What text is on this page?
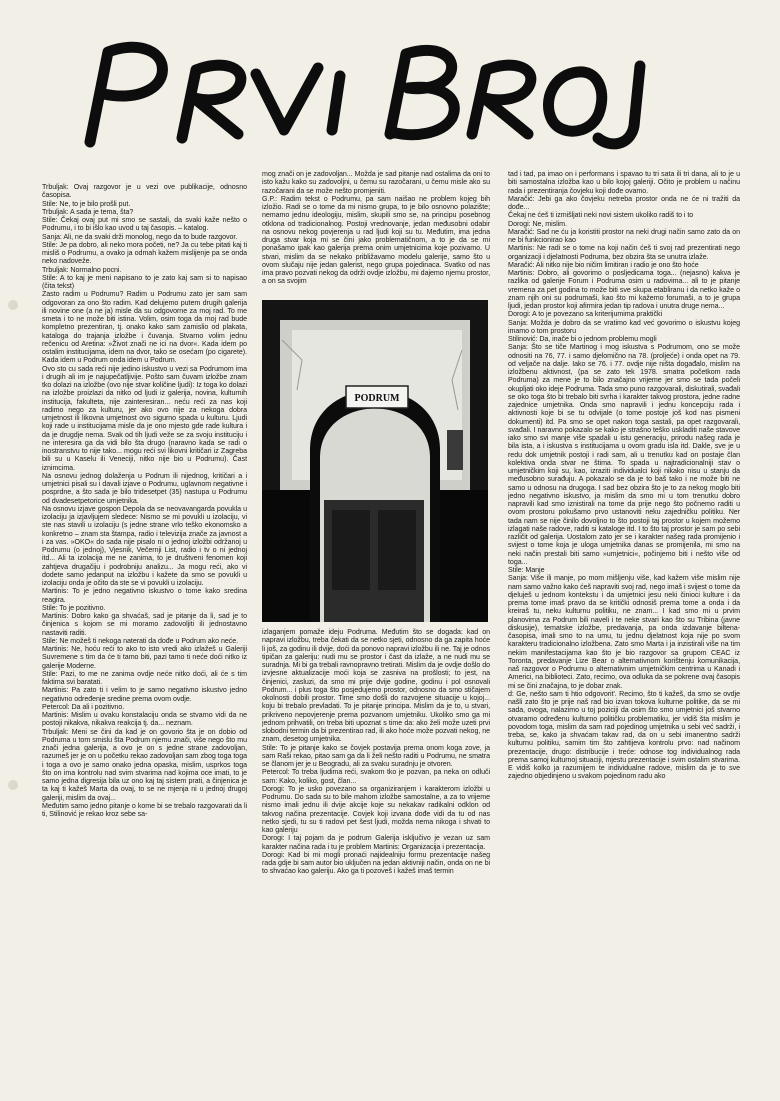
Trbuljak: Ovaj razgovor je u vezi ove publikacije, odnosno časopisa.
Stile: Ne, to je bilo prošli put.
Trbuljak: A sada je tema, šta?
Stile: Čekaj ovaj put mi smo se sastali, da svaki kaže nešto o Podrumu, i to bi išlo kao uvod u taj časopis. – katalog.
Sanja: Ali, ne da svaki drži monolog, nego da to bude razgovor.
Stile: Je pa dobro, ali neko mora početi, ne? Ja cu tebe pitati kaj ti misliš o Podrumu, a ovako ja odmah kažem mislijenje pa se onda neko nadoveže.
Trbuljak: Normalno pocni.
Stile: A to kaj je meni napisano to je zato kaj sam si to napisao (čita tekst)
Zasto radim u Podrumu? Radim u Podrumu zato jer sam sam odgovoran za ono što radim. Kad delujemo putem drugih galerija ili novine one (a ne ja) misle da su odgovorne za moj rad. To me smeta i to ne može biti istina. Volim, osim toga da moj rad bude kompletno prezentiran, tj. onako kako sam zamislio od plakata, kataloga do trajanja izložbe i čuvanja. Stvarno volim jednu rečenicu od Aretina: »Život znači ne ici na dvor«. Kada idem po ostalim institucijama, idem na dvor, tako se osećam (po cigarete). Kada idem u Podrum onda idem u Podrum.
Ovo sto cu sada reći nije jedino iskustvo u vezi sa Podrumom ima i drugih ali im je najupečatljivije. Pošto sam čuvam izložbe znam tko dolazi na izložbe (ovo nije stvar količine ljudi): Iz toga ko dolazi na izložbe proizlazi da nitko od ljudi iz galerija, novina, kulturnih institucija, fakulteta, nije zainteresiran... neću reći za nas koji radimo nego za kulturu, jer ako ovo nije za nekoga dobra umjetnost ili likovna umjetnost ovo sigurno spada u kulturu. Ljudi koji rade u institucijama misle da je ono mjesto gde rade kultura i da je drugdje nema. Svak od tih ljudi veže se za svoju instituciju i ne interesira ga da vidi bilo šta drugo (naravno kada se radi o inostranstvu to nije tako... mogu reći svi likovni kritičari iz Zagreba bili su u Kaselu ili Veneciji, nitko nije bio u Podrumu). Čast iznimcima.
Na osnovu jednog dolaženja u Podrum ili nijednog, kritičari a i umjetnici pisali su i davali izjave o Podrumu, uglavnom negativne i posprdne, a što sada je bilo tridesetpet (35) nastupa u Podrumu od dvadesetpetorice umjetnika.
Na osnovu izjave gospon Depola da se neovavangarda povukla u izolaciju ja izjavljujem sledece: Nismo se mi povukli u izolaciju, vi ste nas stavili u izolaciju (s jedne strane vrlo teško ekonomsko a konkretno – znam sta štampa, radio i televizija znače za javnost a i za vas. »OKO« do sada nije pisalo ni o jednoj izložbi održanoj u Podrumu (o jednoj), Vjesnik, Večernji List, radio i tv o ni jednoj itd... Ali ta izolacija me ne zanima, to je društveni fenomen koji zahtjeva drugačiju i podrobniju analizu... Ja mogu reći, ako vi dodete samo jedanput na izložbu i kažete da smo se povukli u izolaciju onda je očito da ste se vi povukli u izolaciju.
Martinis: To je jedno negativno iskustvo o tome kako sredina reagira.
Stile: To je pozitivno.
Martinis: Dobro kako ga shvaćaš, sad je pitanje da li, sad je to činjenica s kojom se mi moramo zadovoljiti ili jednostavno nastaviti raditi.
Stile: Ne možeš ti nekoga naterati da dođe u Podrum ako neće.
Martinis: Ne, hoću reći to ako to isto vredi ako izlažeš u Galeriji Suvremene s tim da će ti tamo biti, pazi tamo ti neće doći nitko iz galerije Moderne.
Stile: Pazi, to me ne zanima ovdje neće nitko doći, ali će s tim faktima svi baratati.
Martinis: Pa zato ti i velim to je samo negativno iskustvo jedno negativno određenje sredine prema ovom ovdje.
Petercol: Da ali i pozitivno.
Martinis: Mislim u ovaku konstalaciju onda se stvarno vidi da ne postoji nikakva, nikakva reakcija tj. da... neznam.
Trbuljak: Meni se čini da kad je on govorio šta je on dobio od Podruma u tom smislu šta Podrum njemu znači, više nego što mu znači jedna galerija, a ovo je on s jedne strane zadovoljan, razumeš jer je on u početku rekao zadovoljan sam zbog toga toga i toga a ovo je samo onako jedna opaska, mislim, usprkos toga što on ima kontrolu nad svim stvarima nad kojima oce imati, to je samo jedna digresija bila uz ono kaj taj sistem prati, a činjenica je ta kaj ti kažeš Marta da ovaj, to se ne mjenja ni u jednoj drugoj galeriji, mislim da ovaj...
Međutim samo jedno pitanje o kome bi se trebalo razgovarati da li ti, Stilinović je rekao kroz sebe sa-
mog znači on je zadovoljan... Možda je sad pitanje nad ostalima da oni to isto kažu kako su zadovoljni, u čemu su razočarani, u čemu misle ako su razočarani da se može nešto promjeniti.
G.P.: Radim tekst o Podrumu, pa sam naišao ne problem kojeg bih izložio. Radi se o tome da mi nismo grupa, to je bilo osnovno polazište; nemamo jednu ideologiju, mislim, skupili smo se, na principu posebnog otklona od tradicionalnog. Postoji vrednovanje, jedan međusobni odabir na osnovu nekog povjerenja u rad ljudi koji su tu. Međutim, ima jedna druga stvar koja mi se čini jako problematičnom, a to je da se mi ponašamo ipak kao galerija prema onim umjetnicima koje pozivamo. U stvari, mislim da se nekako približavamo modelu galerije, samo što u ovom slučaju nije jedan galerist, nego grupa pojedinaca. Svatko od nas ima pravo pozvati nekog da održi ovdje izložbu, mi dajemo njemu prostor, a on sa svojim
PODRUM
izlaganjem pomaže ideju Podruma. Međutim što se dogada: kad on napravi izložbu, treba čekati da se netko sjeti, odnosno da ga zapita hoće li još, za godinu ili dvije, doći da ponovo napravi izložbu ili ne. Taj je odnos tipičan za galeriju: nudi mu se prostor i čast da izlaže, a ne nudi mu se suradnja. Mi bi ga trebali ravnopravno tretirati. Mislim da je ovdje došlo do izvjesne aktualizacije moći koja se zasniva na prošlosti; to jest, na činjenici, zasluzi, da smo mi prije dvije godine, godinu i pol osnovali Podrum... i plus toga što posjedujemo prostor, odnosno da smo stičajem okolnosti dobili prostor. Time smo došli do razvojene situacije u kojoj... koju bi trebalo prevladati. To je pitanje principa. Mislim da je to, u stvari, prikriveno nepovjerenje prema pozvanom umjetniku. Ukoliko smo ga mi jednom prihvatili, on treba biti upoznat s time da: ako želi može uzeti prvi slobodni termin da bi prezentirao rad, ili ako hoće može pozvati nekog, ne znam, desetog umjetnika.
Stile: To je pitanje kako se čovjek postavija prema onom koga zove, ja sam Raši rekao, pitao sam ga da li želi nešto raditi u Podrumu, ne smatra se članom jer je u Beogradu, ali za svaku suradnju je otvoren.
Petercol: To treba ljudima reći, svakom tko je pozvan, pa neka on odluči sam: Kako, koliko, gost, član...
Dorogi: To je usko povezano sa organiziranjem i karakterom izložbi u Podrumu. Do sada su to bile mahom izložbe samostalne, a za to vrijeme nismo imali jednu ili dvije akcije koje su nekakav radikalni odklon od takvog načina prezentacije. Covjek koji izvana dođe vidi da tu od nas netko sjedi, tu su ti radovi pet šest ljudi, možda nema nikoga i shvati to kao galeriju
Dorogi: I taj pojam da je podrum Galerija isključivo je vezan uz sam karakter načina rada i tu je problem Martinis: Organizacija i prezentacija.
Dorogi: Kad bi mi mogli pronaći najidealniju formu prezentacije našeg rada gdje bi sam autor bio uključen na jedan aktivniji način, onda on ne bi to shvaćao kao galeriju. Ako ga ti pozoveš i kažeš imaš termin
tad i tad, pa imao on i performans i spavao tu tri sata ili tri dana, ali to je u biti samostalna izložba kao u bilo kojoj galeriji. Očito je problem u načinu rada i prezentiranja čovjeku koji dođe ovamo.
Maračić: Jebi ga ako čovjeku netreba prostor onda ne će ni tražiti da dođe...
Čekaj ne ćeš ti izmišljati neki novi sistem ukoliko radiš to i to
Dorogi: Ne, mislim.
Maračić: Sad ne ću ja koristiti prostor na neki drugi način samo zato da on ne bi funkcionirao kao
Martinis: Ne radi se o tome na koji način ćeš ti svoj rad prezentirati nego organizacji i djelatnosti Podruma, bez obzira šta se unutra izlaže.
Maračić: Ali nitko nije bio ničim limitiran i radio je ono što hoće
Martinis: Dobro, ali govorimo o posljedicama toga... (nejasno) kakva je razlika od galerije Forum i Podruma osim u radovima... ali to je pitanje vremena za pet godina to može biti sve skupa etabliranu i da netko kaže o znam njih oni su podrumaši, kao što mi kažemo forumaši, a to je grupa ljudi, jedan prostor koji afirmira jedan tip radova i unutra druge nema...
Dorogi: A to je povezano sa kriterijumima praktički
Sanja: Možda je dobro da se vratimo kad već govorimo o iskustvu kojeg imamo o tom prostoru
Stilinović: Da, inače bi o jednom problemu mogli
Sanja: Što se tiče Martinog i mog iskustva s Podrumom, ono se može odnositi na 76, 77. i samo djelomično na 78. (proljeće) i onda opet na 79. od veljače na dalje. Iako se 76. i 77. ovdje nije ništa događalo, mislim na izložbenu aktivnost, (pa se zato tek 1978. smatra početkom rada Podruma) za mene je to bilo značajno vrijeme jer smo se tada počeli okupljati oko ideje Podruma. Tada smo puno razgovarali, diskutirali, svađali se oko toga što bi trebalo biti svrha i karakter takvog prostora, jedne radne zajednice umjetnika. Onda smo napravili i jednu koncepciju rada i aktivnosti koje bi se tu odvijale (o tome postoje još kod nas pismeni dokumenti) itd. Pa smo se opet nakon toga sastali, pa opet razgovarali, svađali. I naravno pokazalo se kako je strašno teško uskladiti naše stavove iako smo svi manje više spadali u istu generaciju, prirodu našeg rada je bila ista, a i iskustva s institucijama u ovom gradu isla itd. Dakle, sve je u redu dok umjetnik postoji i radi sam, ali u trenutku kad on postaje član kolektiva onda stvar ne štima. To spada u najtradicionalniji stav o umjetničkim koji su, kao, izraziti individualci koji nikako nisu u stanju da međusobno surađuju. A pokazalo se da je to baš tako i ne može biti ne samo u odnosu na drugoga. I sad bez obzira što je to za nekog mogło biti jedno negativno iskustvo, ja mislim da smo mi u tom trenutku dobro napravili kad smo iznistirali na tome da prije nego što počnemo raditi u ovom prostoru pokušamo prvo ustanoviti neku zajedničku politiku. Ner tada nam se nije činilo dovoljno to što postoji taj prostor u kojem možemo izlagati naše radove, raditi si kataloge itd. I to što taj prostor je sam po sebi različit od galerija. Uostalom zato jer se i karakter našeg rada promijenio i svijest o tome koja je uloga umjetnika danas se promijenila, mi smo na neki način prestali biti samo »umjetnici«, počinjemo biti i nešto više od toga...
Stile: Manje
Sanja: Više ili manje, po mom mišljenju više, kad kažem više mislim nije nam samo važno kako ćeš napraviti svoj rad, nego imaš i svijest o tome da djeluješ u jednom kontekstu i da umjetnici jesu neki činioci kulture i da prema tome imaš pravo da se kritički odnosiš prema tome a onda i da kreiraš tu, neku kulturnu politiku, ne znam... I kad smo mi u prvim planovima za Podrum bili naveli i te neke stvari kao što su Tribina (javne diskusije), tematske izložbe, predavanja, pa onda izdavanje biltena-časopisa, imali smo to na umu, tu jednu djelatnost koja nije po svom karakteru tradicionalno izložbena. Zato smo Marta i ja inzistirali više na tim nekim manifestacijama kao što je bio razgovor sa grupom CEAC iz Toronta, predavanje Lize Bear o alternativnom korištenju komunikacija, naš razgovor o Podrumu o alternativnim umjetničkim centrima u Kanadi i Americi, na biblioteci. Zato, recimo, ova odluka da se pokrene ovaj časopis mi se čini značajna, to je dobar znak.
d: Ge, nešto sam ti htio odgovorit'. Recimo, što ti kažeš, da smo se ovdje našli zato što je prije naš rad bio izvan tokova kulturne politike, da se mi sada, ovoga, nalazimo u toj poziciji da osim što smo umjetnici još stvarno otvaramo određenu kulturno političku problematiku, jer vidiš šta mislim je povodom toga, mislim da sam rad pojedinog umjetnika u sebi već sadrži, i treba, se, kako ja shvaćam takav rad, da on u sebi imanentno sadrži kulturnu politiku, samim tim što zahtijeva kontrolu prvo: nad načinom prezentacije, drugo: distribucije i treće: odnose tog individualnog rada prema samoj kulturnoj situaciji, mjestu prezentacije i svim ostalim stvarima. E vidiš kolko ja razumijem te individualne radove, mislim da je to sve zajedno objedinjeno u svakom pojedinom radu ako
